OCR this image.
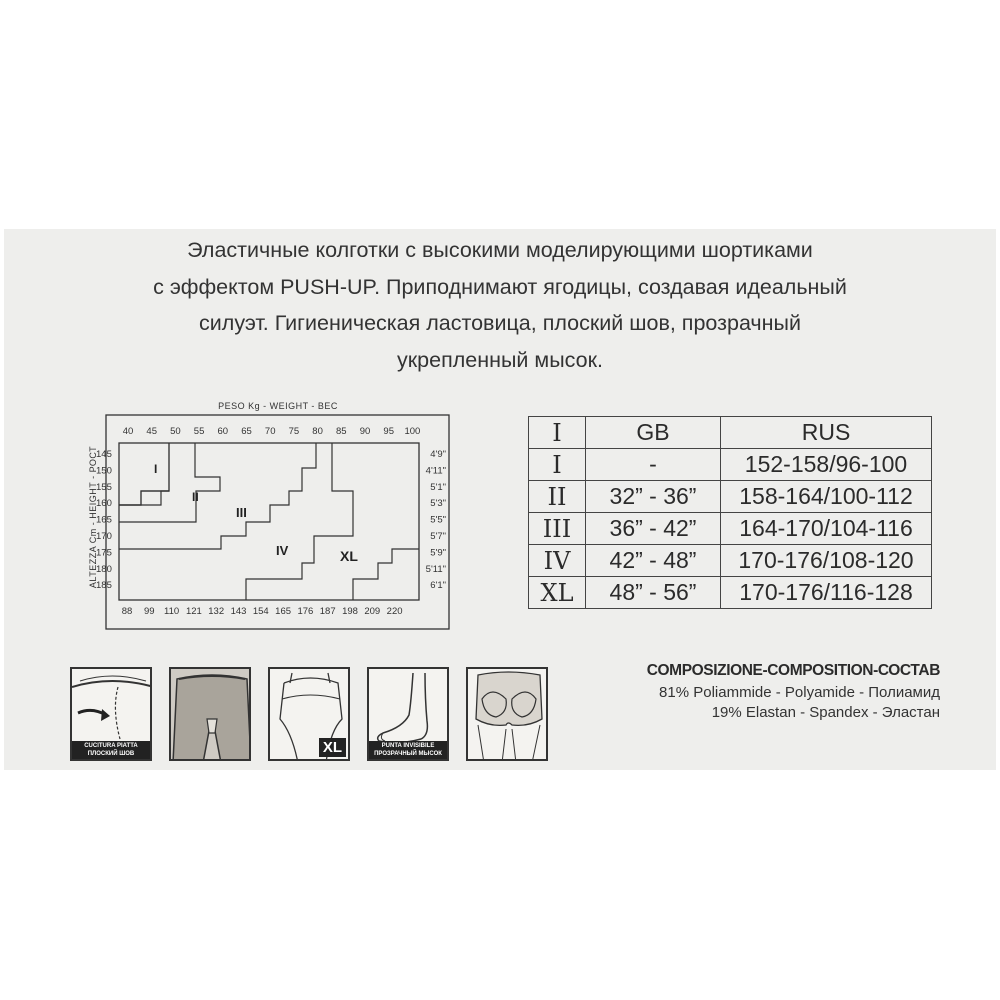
Эластичные колготки с высокими моделирующими шортиками
с эффектом PUSH-UP. Приподнимают ягодицы, создавая идеальный
силуэт. Гигиеническая ластовица, плоский шов, прозрачный
укрепленный мысок.

PESO Kg - WEIGHT - ВЕС
ALTEZZA Cm - HEIGHT - РОСТ	I
II
III
IV	XL
40 45 50 55 60 65 70 75 80 85 90 95 100
88 99 110 121 132 143 154 165 176 187 198 209 220
145
150
155
160
165
170
175
180
185
4'9"
4'11"
5'1"
5'3"
5'5"
5'7"
5'9"
5'11"
6'1"
I	GB	RUS
I	-	152-158/96-100
II	32” - 36”	158-164/100-112
III	36” - 42”	164-170/104-116
IV	42” - 48”	170-176/108-120
XL	48” - 56”	170-176/116-128
CUCITURA PIATTA
ПЛОСКИЙ ШОВ	XL	PUNTA INVISIBILE
ПРОЗРАЧНЫЙ МЫСОК
COMPOSIZIONE-COMPOSITION-СОСТАВ
81% Poliammide - Polyamide - Полиамид
19% Elastan - Spandex - Эластан
